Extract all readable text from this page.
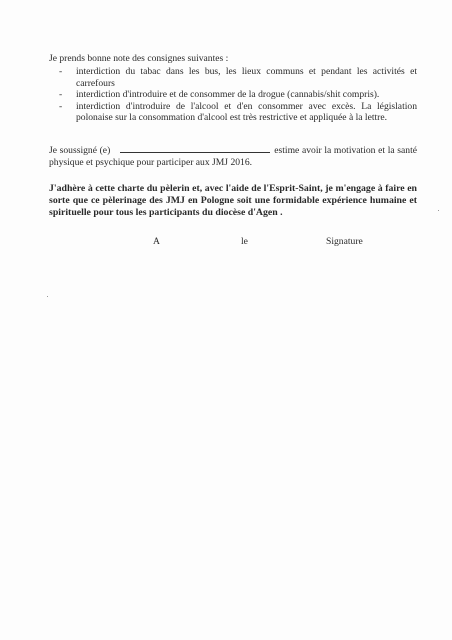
Je prends bonne note des consignes suivantes :
- interdiction du tabac dans les bus, les lieux communs et pendant les activités et carrefours
- interdiction d'introduire et de consommer de la drogue (cannabis/shit compris).
- interdiction d'introduire de l'alcool et d'en consommer avec excès. La législation polonaise sur la consommation d'alcool est très restrictive et appliquée à la lettre.
Je soussigné (e)	estime avoir la motivation et la santé physique et psychique pour participer aux JMJ 2016.
J'adhère à cette charte du pèlerin et, avec l'aide de l'Esprit-Saint, je m'engage à faire en sorte que ce pèlerinage des JMJ en Pologne soit une formidable expérience humaine et spirituelle pour tous les participants du diocèse d'Agen .
A	le	Signature
